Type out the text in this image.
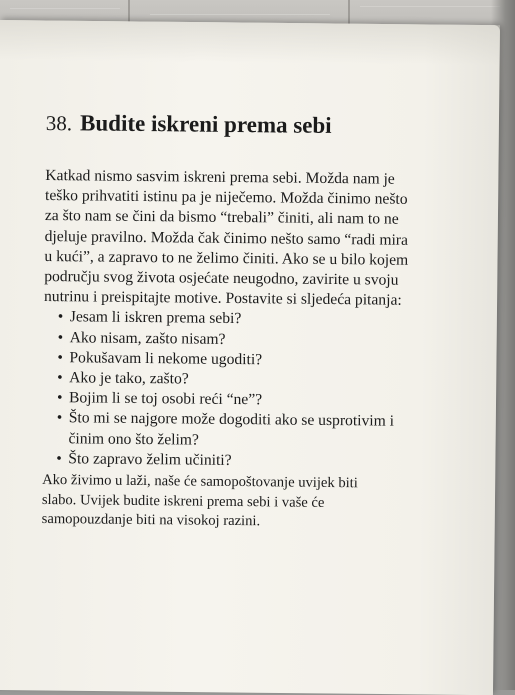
38. Budite iskreni prema sebi

Katkad nismo sasvim iskreni prema sebi. Možda nam je
teško prihvatiti istinu pa je niječemo. Možda činimo nešto
za što nam se čini da bismo “trebali” činiti, ali nam to ne
djeluje pravilno. Možda čak činimo nešto samo “radi mira
u kući”, a zapravo to ne želimo činiti. Ako se u bilo kojem
području svog života osjećate neugodno, zavirite u svoju
nutrinu i preispitajte motive. Postavite si sljedeća pitanja:

• Jesam li iskren prema sebi?
• Ako nisam, zašto nisam?
• Pokušavam li nekome ugoditi?
• Ako je tako, zašto?
• Bojim li se toj osobi reći “ne”?
• Što mi se najgore može dogoditi ako se usprotivim i
činim ono što želim?
• Što zapravo želim učiniti?

Ako živimo u laži, naše će samopoštovanje uvijek biti
slabo. Uvijek budite iskreni prema sebi i vaše će
samopouzdanje biti na visokoj razini.
